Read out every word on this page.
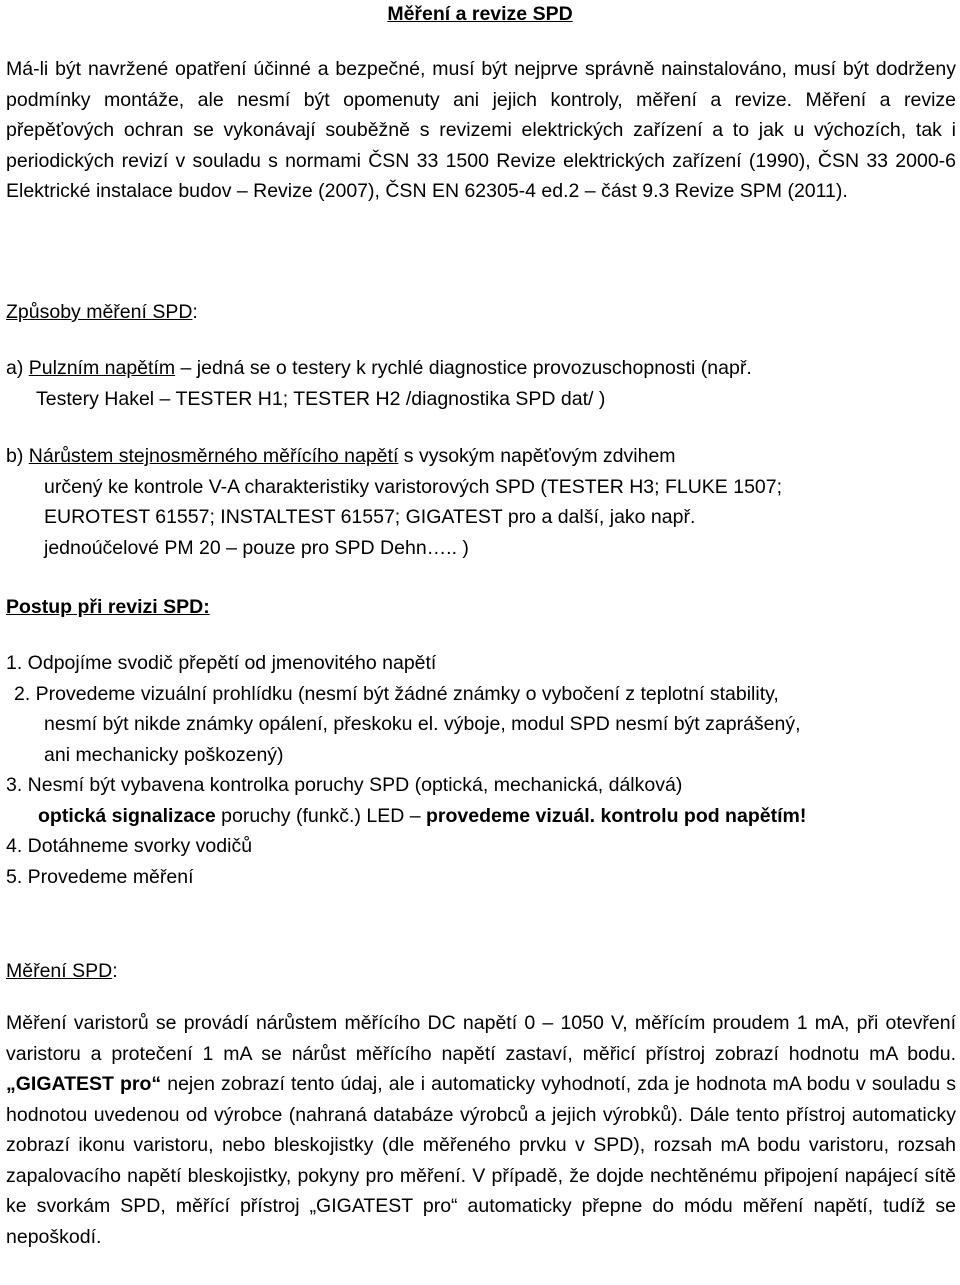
Měření a revize SPD
Má-li být navržené opatření účinné a bezpečné, musí být nejprve správně nainstalováno, musí být dodrženy podmínky montáže, ale nesmí být opomenuty ani jejich kontroly, měření a revize. Měření a revize přepěťových ochran se vykonávají souběžně s revizemi elektrických zařízení a to jak u výchozích, tak i periodických revizí v souladu s normami ČSN 33 1500 Revize elektrických zařízení (1990), ČSN 33 2000-6 Elektrické instalace budov – Revize (2007), ČSN EN 62305-4 ed.2 – část 9.3 Revize SPM (2011).
Způsoby měření SPD:
a) Pulzním napětím – jedná se o testery k rychlé diagnostice provozuschopnosti (např.
Testery Hakel – TESTER H1; TESTER H2 /diagnostika SPD dat/ )
b) Nárůstem stejnosměrného měřícího napětí s vysokým napěťovým zdvihem
určený ke kontrole V-A charakteristiky varistorových SPD (TESTER H3; FLUKE 1507;
EUROTEST 61557; INSTALTEST 61557; GIGATEST pro a další, jako např.
jednoúčelové PM 20 – pouze pro SPD Dehn….. )
Postup při revizi SPD:
1. Odpojíme svodič přepětí od jmenovitého napětí
2. Provedeme vizuální prohlídku (nesmí být žádné známky o vybočení z teplotní stability,
nesmí být nikde známky opálení, přeskoku el. výboje, modul SPD nesmí být zaprášený,
ani mechanicky poškozený)
3. Nesmí být vybavena kontrolka poruchy SPD (optická, mechanická, dálková)
optická signalizace poruchy (funkč.) LED – provedeme vizuál. kontrolu pod napětím!
4. Dotáhneme svorky vodičů
5. Provedeme měření
Měření SPD:
Měření varistorů se provádí nárůstem měřícího DC napětí 0 – 1050 V, měřícím proudem 1 mA, při otevření varistoru a protečení 1 mA se nárůst měřícího napětí zastaví, měřicí přístroj zobrazí hodnotu mA bodu. „GIGATEST pro“ nejen zobrazí tento údaj, ale i automaticky vyhodnotí, zda je hodnota mA bodu v souladu s hodnotou uvedenou od výrobce (nahraná databáze výrobců a jejich výrobků). Dále tento přístroj automaticky zobrazí ikonu varistoru, nebo bleskojistky (dle měřeného prvku v SPD), rozsah mA bodu varistoru, rozsah zapalovacího napětí bleskojistky, pokyny pro měření. V případě, že dojde nechtěnému připojení napájecí sítě ke svorkám SPD, měřící přístroj „GIGATEST pro“ automaticky přepne do módu měření napětí, tudíž se nepoškodí.
